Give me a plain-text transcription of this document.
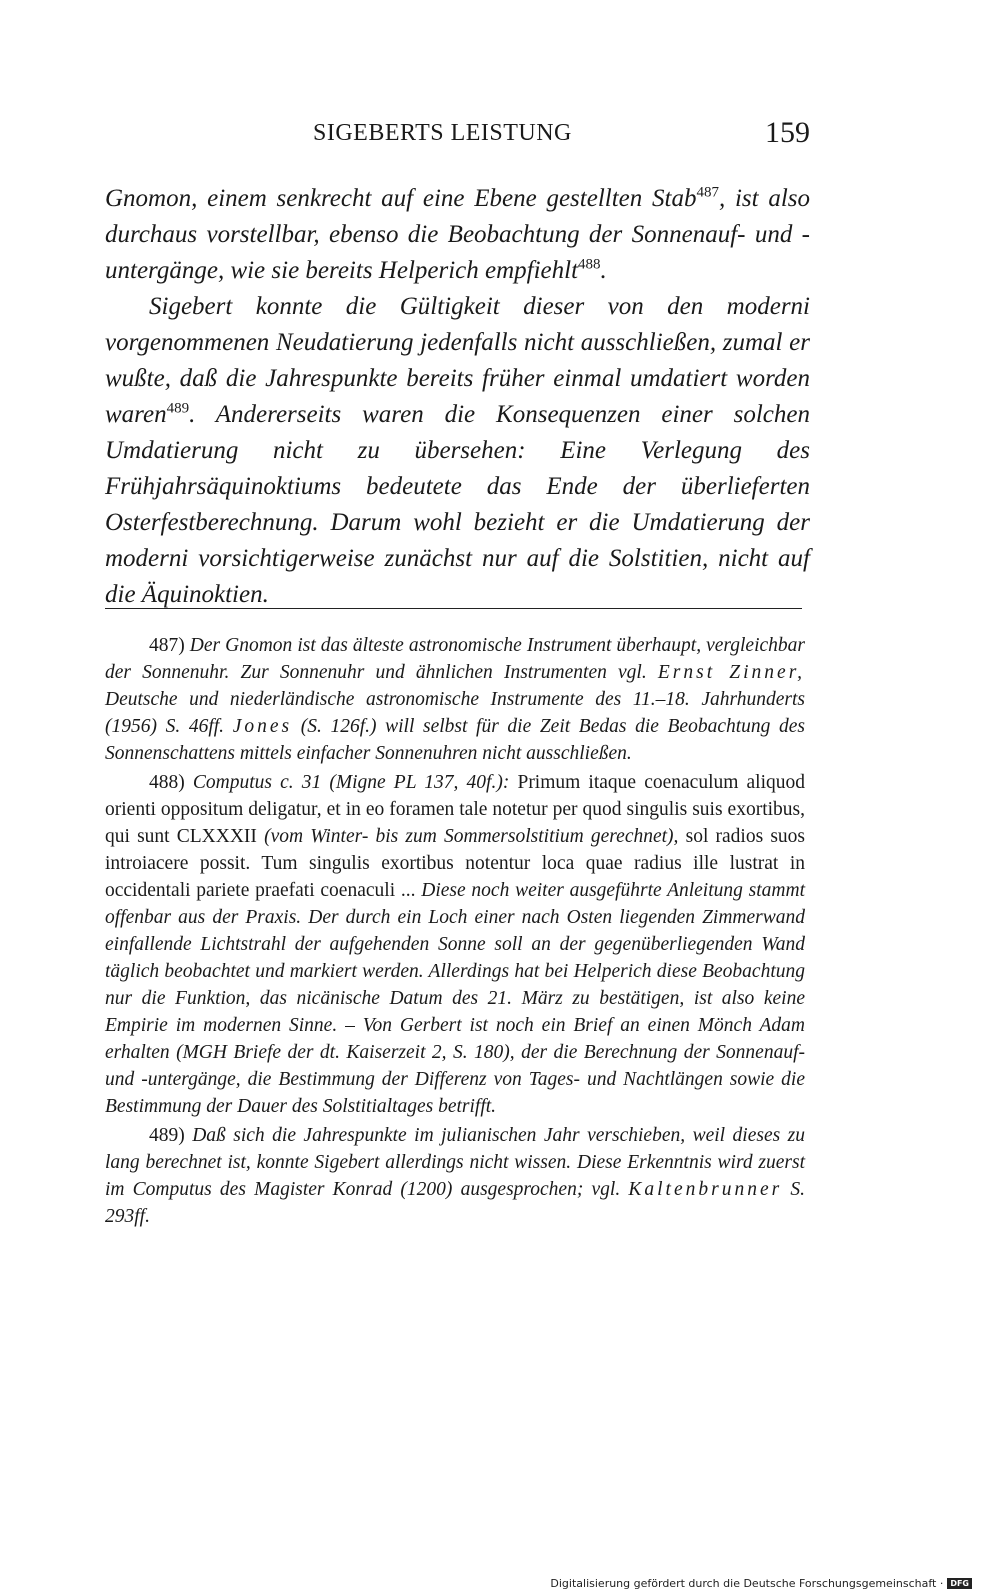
SIGEBERTS LEISTUNG	159

Gnomon, einem senkrecht auf eine Ebene gestellten Stab$^{487}$, ist also durchaus vorstellbar, ebenso die Beobachtung der Sonnenauf- und -untergänge, wie sie bereits Helperich empfiehlt$^{488}$.

Sigebert konnte die Gültigkeit dieser von den moderni vorgenommenen Neudatierung jedenfalls nicht ausschließen, zumal er wußte, daß die Jahrespunkte bereits früher einmal umdatiert worden waren$^{489}$. Andererseits waren die Konsequenzen einer solchen Umdatierung nicht zu übersehen: Eine Verlegung des Frühjahrsäquinoktiums bedeutete das Ende der überlieferten Osterfestberechnung. Darum wohl bezieht er die Umdatierung der moderni vorsichtigerweise zunächst nur auf die Solstitien, nicht auf die Äquinoktien.

487) Der Gnomon ist das älteste astronomische Instrument überhaupt, vergleichbar der Sonnenuhr. Zur Sonnenuhr und ähnlichen Instrumenten vgl. Ernst Zinner, Deutsche und niederländische astronomische Instrumente des 11.–18. Jahrhunderts (1956) S. 46ff. Jones (S. 126f.) will selbst für die Zeit Bedas die Beobachtung des Sonnenschattens mittels einfacher Sonnenuhren nicht ausschließen.

488) Computus c. 31 (Migne PL 137, 40f.): Primum itaque coenaculum aliquod orienti oppositum deligatur, et in eo foramen tale notetur per quod singulis suis exortibus, qui sunt CLXXXII (vom Winter- bis zum Sommersolstitium gerechnet), sol radios suos introiacere possit. Tum singulis exortibus notentur loca quae radius ille lustrat in occidentali pariete praefati coenaculi ... Diese noch weiter ausgeführte Anleitung stammt offenbar aus der Praxis. Der durch ein Loch einer nach Osten liegenden Zimmerwand einfallende Lichtstrahl der aufgehenden Sonne soll an der gegenüberliegenden Wand täglich beobachtet und markiert werden. Allerdings hat bei Helperich diese Beobachtung nur die Funktion, das nicänische Datum des 21. März zu bestätigen, ist also keine Empirie im modernen Sinne. – Von Gerbert ist noch ein Brief an einen Mönch Adam erhalten (MGH Briefe der dt. Kaiserzeit 2, S. 180), der die Berechnung der Sonnenauf- und -untergänge, die Bestimmung der Differenz von Tages- und Nachtlängen sowie die Bestimmung der Dauer des Solstitialtages betrifft.

489) Daß sich die Jahrespunkte im julianischen Jahr verschieben, weil dieses zu lang berechnet ist, konnte Sigebert allerdings nicht wissen. Diese Erkenntnis wird zuerst im Computus des Magister Konrad (1200) ausgesprochen; vgl. Kaltenbrunner S. 293ff.

Digitalisierung gefördert durch die Deutsche Forschungsgemeinschaft · DFG
